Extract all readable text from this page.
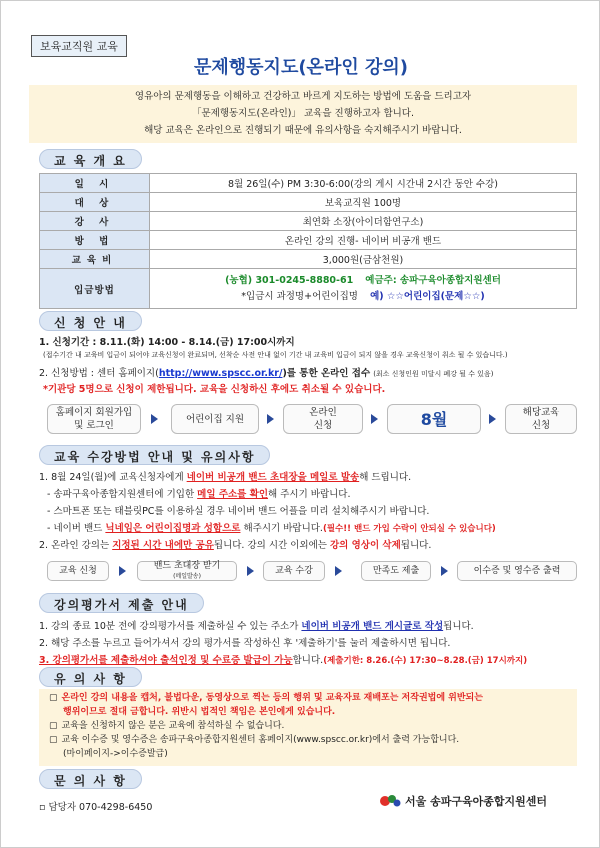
보육교직원 교육
문제행동지도(온라인 강의)
영유아의 문제행동을 이해하고 건강하고 바르게 지도하는 방법에 도움을 드리고자
「문제행동지도(온라인)」 교육을 진행하고자 합니다.
해당 교육은 온라인으로 진행되기 때문에 유의사항을 숙지해주시기 바랍니다.
교 육 개 요
일 시	8월 26일(수) PM 3:30-6:00(강의 게시 시간내 2시간 동안 수강)
대 상	보육교직원 100명
강 사	최연화 소장(아이더함연구소)
방 법	온라인 강의 진행- 네이버 비공개 밴드
교육비	3,000원(금삼천원)
입금방법	(농협) 301-0245-8880-61 예금주: 송파구육아종합지원센터
*입금시 과정명+어린이집명 예) ☆☆어린이집(문제☆☆)
신 청 안 내
1. 신청기간 : 8.11.(화) 14:00 - 8.14.(금) 17:00시까지
(접수기간 내 교육비 입금이 되어야 교육신청이 완료되며, 선착순 사전 안내 없이 기간 내 교육비 입금이 되지 않을 경우 교육신청이 취소 될 수 있습니다.)
2. 신청방법 : 센터 홈페이지(http://www.spscc.or.kr/)를 통한 온라인 접수 (최소 신청인원 미달시 폐강 될 수 있음)
*기관당 5명으로 신청이 제한됩니다. 교육을 신청하신 후에도 취소될 수 있습니다.
홈페이지 회원가입
및 로그인
어린이집 지원
온라인
신청	8월	해당교육
신청
교육 수강방법 안내 및 유의사항
1. 8월 24일(월)에 교육신청자에게 네이버 비공개 밴드 초대장을 메일로 발송해 드립니다.
- 송파구육아종합지원센터에 기입한 메일 주소를 확인해 주시기 바랍니다.
- 스마트폰 또는 태블릿PC를 이용하실 경우 네이버 밴드 어플을 미리 설치해주시기 바랍니다.
- 네이버 밴드 닉네임은 어린이집명과 성함으로 해주시기 바랍니다.(필수!! 밴드 가입 수락이 안되실 수 있습니다)
2. 온라인 강의는 지정된 시간 내에만 공유됩니다. 강의 시간 이외에는 강의 영상이 삭제됩니다.
교육 신청
밴드 초대장 받기
(메일발송)	교육 수강	만족도 제출	이수증 및 영수증 출력
강의평가서 제출 안내
1. 강의 종료 10분 전에 강의평가서를 제출하실 수 있는 주소가 네이버 비공개 밴드 게시글로 작성됩니다.
2. 해당 주소를 누르고 들어가셔서 강의 평가서를 작성하신 후 '제출하기'를 눌러 제출하시면 됩니다.
3. 강의평가서를 제출하셔야 출석인정 및 수료증 발급이 가능합니다.(제출기한: 8.26.(수) 17:30~8.28.(금) 17시까지)
유 의 사 항
▢ 온라인 강의 내용을 캡처, 불법다운, 동영상으로 찍는 등의 행위 및 교육자료 재배포는 저작권법에 위반되는
행위이므로 절대 금합니다. 위반시 법적인 책임은 본인에게 있습니다.
▢ 교육을 신청하지 않은 분은 교육에 참석하실 수 없습니다.
▢ 교육 이수증 및 영수증은 송파구육아종합지원센터 홈페이지(www.spscc.or.kr)에서 출력 가능합니다.
(마이페이지->이수증발급)
문 의 사 항
▫ 담당자 070-4298-6450	서울 송파구육아종합지원센터
